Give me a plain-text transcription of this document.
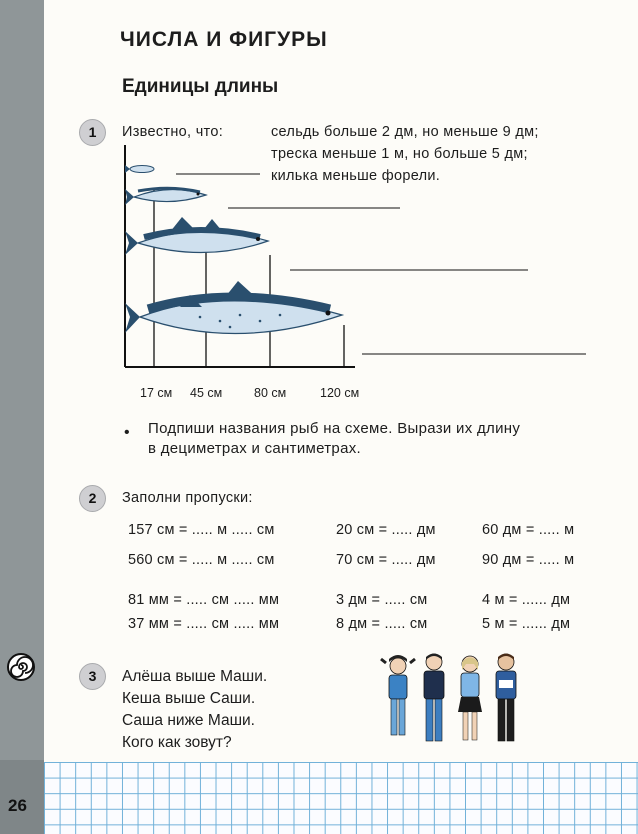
26
ЧИСЛА И ФИГУРЫ
Единицы длины
1	Известно, что:	сельдь больше 2 дм, но меньше 9 дм;
треска меньше 1 м, но больше 5 дм;
килька меньше форели.
17 см 45 см	80 см	120 см
• Подпиши названия рыб на схеме. Вырази их длину
в дециметрах и сантиметрах.
2	Заполни пропуски:
157 см = ..... м ..... см	20 см = ..... дм	60 дм = ..... м
560 см = ..... м ..... см	70 см = ..... дм	90 дм = ..... м
81 мм = ..... см ..... мм	3 дм = ..... см	4 м = ...... дм
37 мм = ..... см ..... мм	8 дм = ..... см	5 м = ...... дм
3	Алёша выше Маши.
Кеша выше Саши.
Саша ниже Маши.
Кого как зовут?
